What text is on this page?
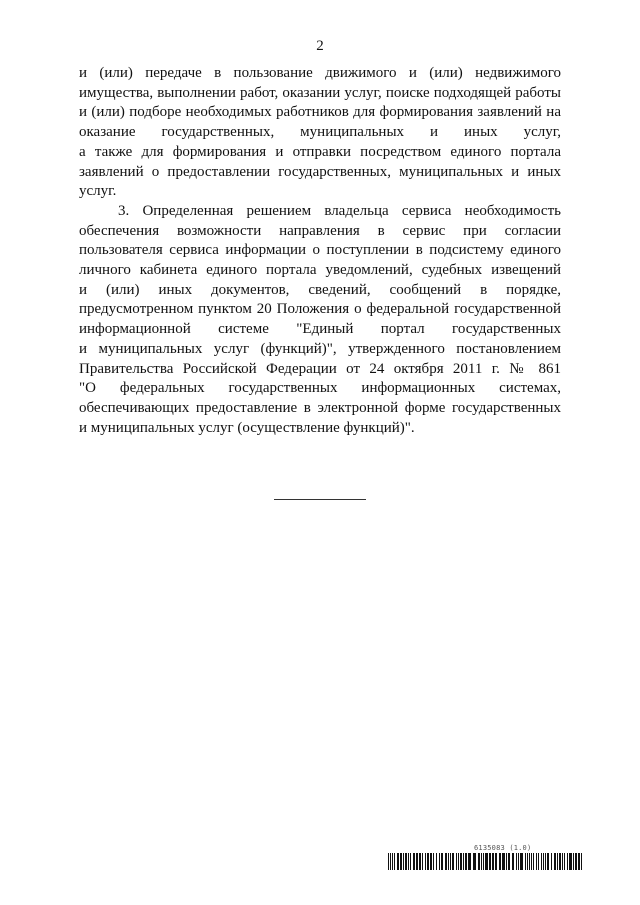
2
и (или) передаче в пользование движимого и (или) недвижимого
имущества, выполнении работ, оказании услуг, поиске подходящей работы
и (или) подборе необходимых работников для формирования заявлений на
оказание государственных, муниципальных и иных услуг,
а также для формирования и отправки посредством единого портала
заявлений о предоставлении государственных, муниципальных и иных
услуг.
3. Определенная решением владельца сервиса необходимость
обеспечения возможности направления в сервис при согласии
пользователя сервиса информации о поступлении в подсистему единого
личного кабинета единого портала уведомлений, судебных извещений
и (или) иных документов, сведений, сообщений в порядке,
предусмотренном пунктом 20 Положения о федеральной государственной
информационной системе "Единый портал государственных
и муниципальных услуг (функций)", утвержденного постановлением
Правительства Российской Федерации от 24 октября 2011 г. № 861
"О федеральных государственных информационных системах,
обеспечивающих предоставление в электронной форме государственных
и муниципальных услуг (осуществление функций)".
6135083 (1.0)
